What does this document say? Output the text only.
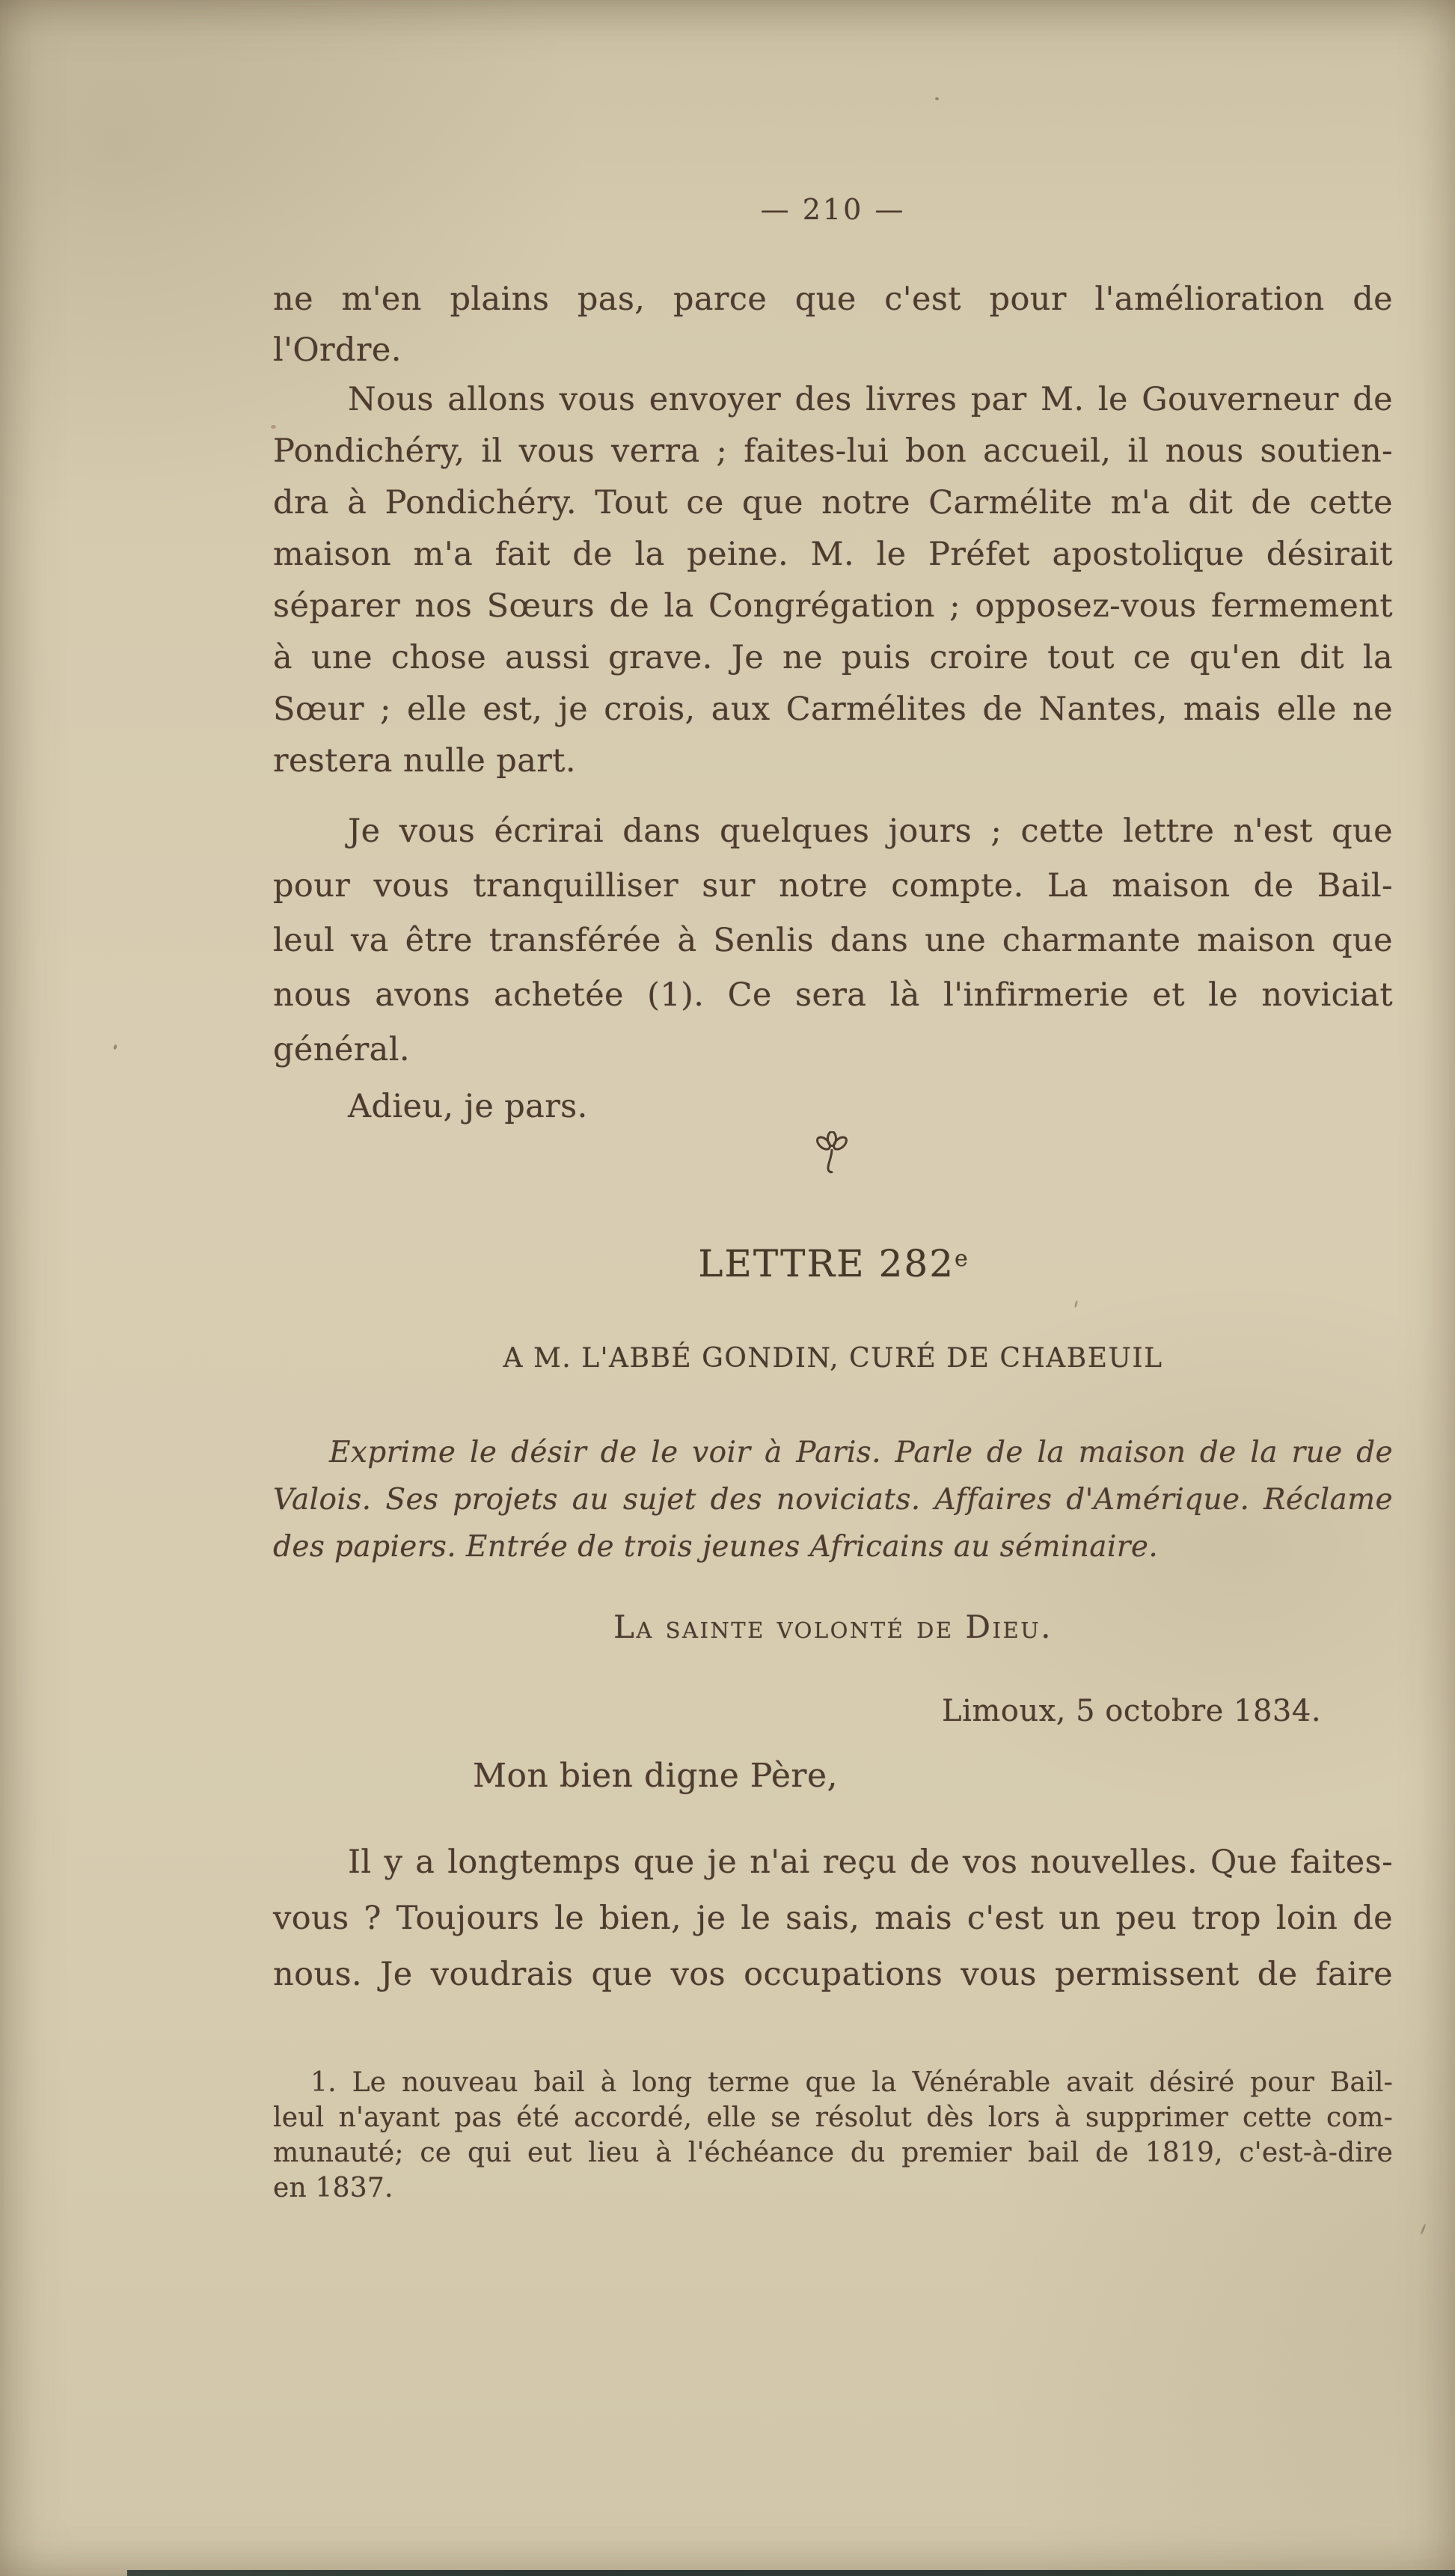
— 210 —
ne m'en plains pas, parce que c'est pour l'amélioration de
l'Ordre.
Nous allons vous envoyer des livres par M. le Gouverneur de
Pondichéry, il vous verra ; faites-lui bon accueil, il nous soutien-
dra à Pondichéry. Tout ce que notre Carmélite m'a dit de cette
maison m'a fait de la peine. M. le Préfet apostolique désirait
séparer nos Sœurs de la Congrégation ; opposez-vous fermement
à une chose aussi grave. Je ne puis croire tout ce qu'en dit la
Sœur ; elle est, je crois, aux Carmélites de Nantes, mais elle ne
restera nulle part.
Je vous écrirai dans quelques jours ; cette lettre n'est que
pour vous tranquilliser sur notre compte. La maison de Bail-
leul va être transférée à Senlis dans une charmante maison que
nous avons achetée (1). Ce sera là l'infirmerie et le noviciat
général.
Adieu, je pars.
LETTRE 282e
A M. L'ABBÉ GONDIN, CURÉ DE CHABEUIL
Exprime le désir de le voir à Paris. Parle de la maison de la rue de
Valois. Ses projets au sujet des noviciats. Affaires d'Amérique. Réclame
des papiers. Entrée de trois jeunes Africains au séminaire.
La sainte volonté de Dieu.
Limoux, 5 octobre 1834.
Mon bien digne Père,
Il y a longtemps que je n'ai reçu de vos nouvelles. Que faites-
vous ? Toujours le bien, je le sais, mais c'est un peu trop loin de
nous. Je voudrais que vos occupations vous permissent de faire
1. Le nouveau bail à long terme que la Vénérable avait désiré pour Bail-
leul n'ayant pas été accordé, elle se résolut dès lors à supprimer cette com-
munauté; ce qui eut lieu à l'échéance du premier bail de 1819, c'est-à-dire
en 1837.
